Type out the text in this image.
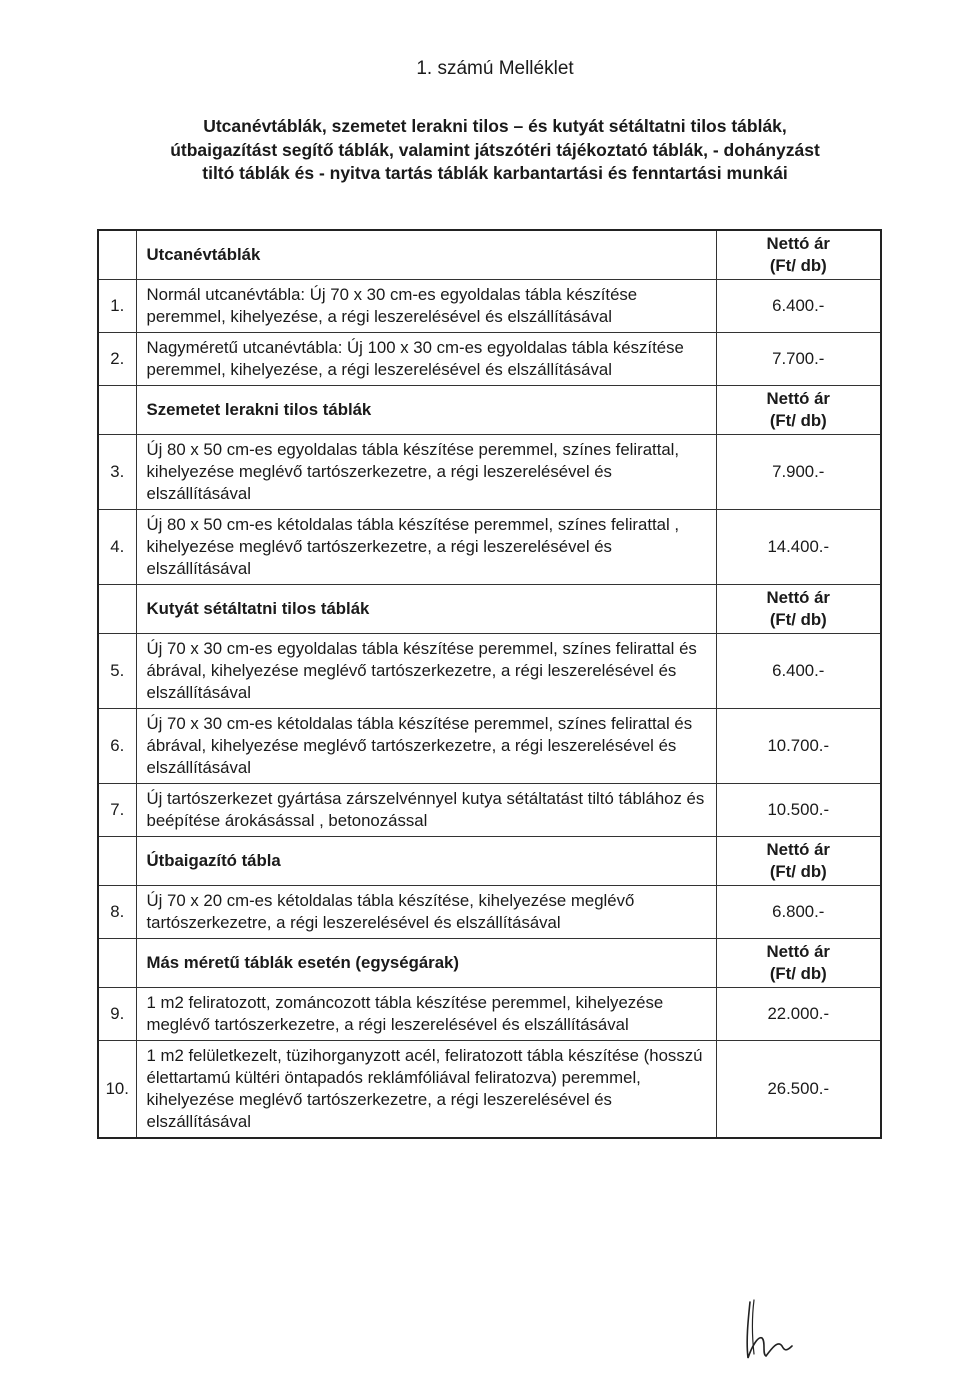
1. számú Melléklet
Utcanévtáblák, szemetet lerakni tilos – és kutyát sétáltatni tilos táblák,
útbaigazítást segítő táblák, valamint játszótéri tájékoztató táblák, - dohányzást
tiltó táblák és - nyitva tartás táblák karbantartási és fenntartási munkái
	Utcanévtáblák	Nettó ár
(Ft/ db)

1.	Normál utcanévtábla: Új 70 x 30 cm-es egyoldalas tábla készítése peremmel, kihelyezése, a régi leszerelésével és elszállításával	6.400.-
2.	Nagyméretű utcanévtábla: Új 100 x 30 cm-es egyoldalas tábla készítése peremmel, kihelyezése, a régi leszerelésével és elszállításával	7.700.-
	Szemetet lerakni tilos táblák	Nettó ár
(Ft/ db)

3.	Új 80 x 50 cm-es egyoldalas tábla készítése peremmel, színes felirattal, kihelyezése meglévő tartószerkezetre, a régi leszerelésével és elszállításával	7.900.-
4.	Új 80 x 50 cm-es kétoldalas tábla készítése peremmel, színes felirattal , kihelyezése meglévő tartószerkezetre, a régi leszerelésével és elszállításával	14.400.-
	Kutyát sétáltatni tilos táblák	Nettó ár
(Ft/ db)

5.	Új 70 x 30 cm-es egyoldalas tábla készítése peremmel, színes felirattal és ábrával, kihelyezése meglévő tartószerkezetre, a régi leszerelésével és elszállításával	6.400.-
6.	Új 70 x 30 cm-es kétoldalas tábla készítése peremmel, színes felirattal és ábrával, kihelyezése meglévő tartószerkezetre, a régi leszerelésével és elszállításával	10.700.-
7.	Új tartószerkezet gyártása zárszelvénnyel kutya sétáltatást tiltó táblához és beépítése árokásással , betonozással	10.500.-
	Útbaigazító tábla	Nettó ár
(Ft/ db)

8.	Új 70 x 20 cm-es kétoldalas tábla készítése, kihelyezése meglévő tartószerkezetre, a régi leszerelésével és elszállításával	6.800.-
	Más méretű táblák esetén (egységárak)	Nettó ár
(Ft/ db)

9.	1 m2 feliratozott, zománcozott tábla készítése peremmel, kihelyezése meglévő tartószerkezetre, a régi leszerelésével és elszállításával	22.000.-
10.	1 m2 felületkezelt, tüzihorganyzott acél, feliratozott tábla készítése (hosszú élettartamú kültéri öntapadós reklámfóliával feliratozva) peremmel, kihelyezése meglévő tartószerkezetre, a régi leszerelésével és elszállításával	26.500.-
